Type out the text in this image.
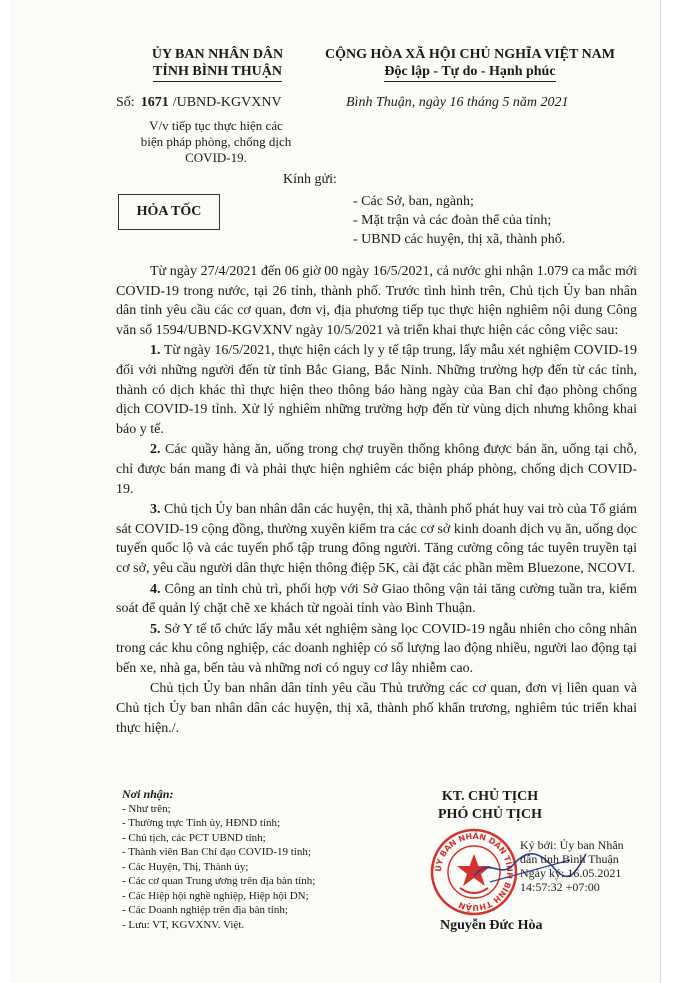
ỦY BAN NHÂN DÂN
TỈNH BÌNH THUẬN
CỘNG HÒA XÃ HỘI CHỦ NGHĨA VIỆT NAM
Độc lập - Tự do - Hạnh phúc
Số: 1671 /UBND-KGVXNV	Bình Thuận, ngày 16 tháng 5 năm 2021
V/v tiếp tục thực hiện các
biện pháp phòng, chống dịch
COVID-19.
HỎA TỐC
Kính gửi:
- Các Sở, ban, ngành;
- Mặt trận và các đoàn thể của tỉnh;
- UBND các huyện, thị xã, thành phố.

Từ ngày 27/4/2021 đến 06 giờ 00 ngày 16/5/2021, cả nước ghi nhận 1.079 ca mắc mới COVID-19 trong nước, tại 26 tỉnh, thành phố. Trước tình hình trên, Chủ tịch Ủy ban nhân dân tỉnh yêu cầu các cơ quan, đơn vị, địa phương tiếp tục thực hiện nghiêm nội dung Công văn số 1594/UBND-KGVXNV ngày 10/5/2021 và triển khai thực hiện các công việc sau:

1. Từ ngày 16/5/2021, thực hiện cách ly y tế tập trung, lấy mẫu xét nghiệm COVID-19 đối với những người đến từ tỉnh Bắc Giang, Bắc Ninh. Những trường hợp đến từ các tỉnh, thành có dịch khác thì thực hiện theo thông báo hàng ngày của Ban chỉ đạo phòng chống dịch COVID-19 tỉnh. Xử lý nghiêm những trường hợp đến từ vùng dịch nhưng không khai báo y tế.

2. Các quầy hàng ăn, uống trong chợ truyền thống không được bán ăn, uống tại chỗ, chỉ được bán mang đi và phải thực hiện nghiêm các biện pháp phòng, chống dịch COVID-19.

3. Chủ tịch Ủy ban nhân dân các huyện, thị xã, thành phố phát huy vai trò của Tổ giám sát COVID-19 cộng đồng, thường xuyên kiểm tra các cơ sở kinh doanh dịch vụ ăn, uống dọc tuyến quốc lộ và các tuyến phố tập trung đông người. Tăng cường công tác tuyên truyền tại cơ sở, yêu cầu người dân thực hiện thông điệp 5K, cài đặt các phần mềm Bluezone, NCOVI.

4. Công an tỉnh chủ trì, phối hợp với Sở Giao thông vận tải tăng cường tuần tra, kiểm soát để quản lý chặt chẽ xe khách từ ngoài tỉnh vào Bình Thuận.

5. Sở Y tế tổ chức lấy mẫu xét nghiệm sàng lọc COVID-19 ngẫu nhiên cho công nhân trong các khu công nghiệp, các doanh nghiệp có số lượng lao động nhiều, người lao động tại bến xe, nhà ga, bến tàu và những nơi có nguy cơ lây nhiễm cao.

Chủ tịch Ủy ban nhân dân tỉnh yêu cầu Thủ trưởng các cơ quan, đơn vị liên quan và Chủ tịch Ủy ban nhân dân các huyện, thị xã, thành phố khẩn trương, nghiêm túc triển khai thực hiện./.

Nơi nhận:
- Như trên;
- Thường trực Tỉnh ủy, HĐND tỉnh;
- Chủ tịch, các PCT UBND tỉnh;
- Thành viên Ban Chỉ đạo COVID-19 tỉnh;
- Các Huyện, Thị, Thành ủy;
- Các cơ quan Trung ương trên địa bàn tỉnh;
- Các Hiệp hội nghề nghiệp, Hiệp hội DN;
- Các Doanh nghiệp trên địa bàn tỉnh;
- Lưu: VT, KGVXNV. Việt.
KT. CHỦ TỊCH
PHÓ CHỦ TỊCH
ỦY BAN NHÂN DÂN TỈNH BÌNH THUẬN
Ký bởi: Ủy ban Nhân
dân tỉnh Bình Thuận
Ngày ký: 16.05.2021
14:57:32 +07:00
Nguyễn Đức Hòa
